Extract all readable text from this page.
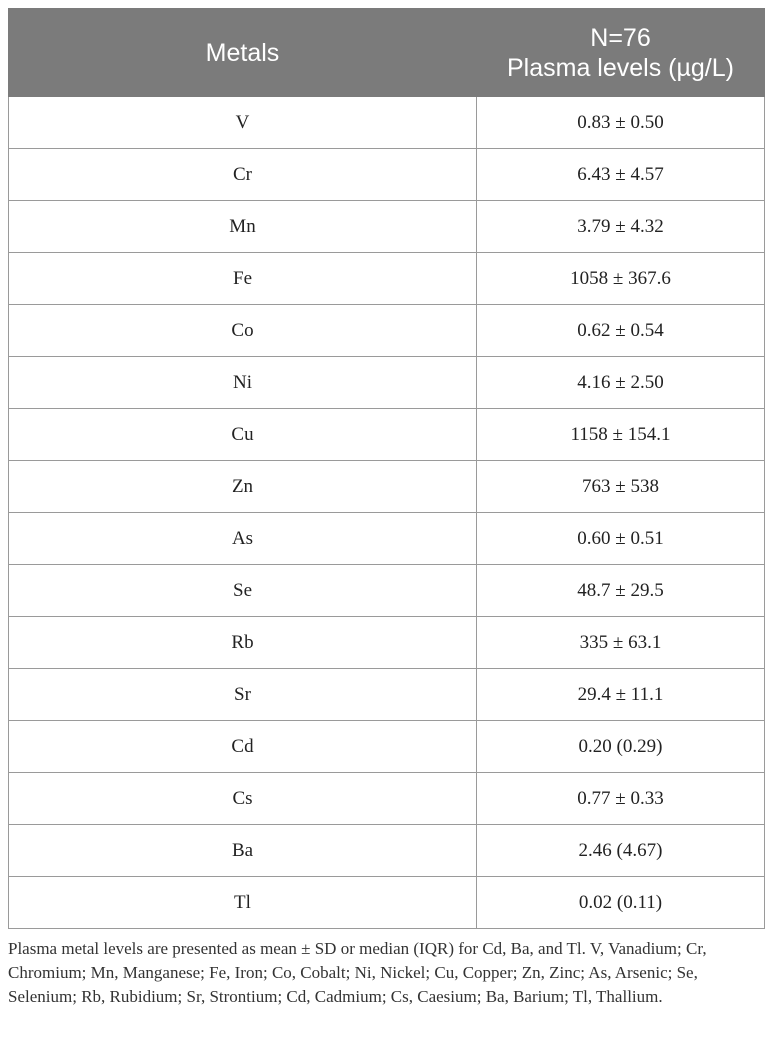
Metals	N=76
Plasma levels (µg/L)

V	0.83 ± 0.50
Cr	6.43 ± 4.57
Mn	3.79 ± 4.32
Fe	1058 ± 367.6
Co	0.62 ± 0.54
Ni	4.16 ± 2.50
Cu	1158 ± 154.1
Zn	763 ± 538
As	0.60 ± 0.51
Se	48.7 ± 29.5
Rb	335 ± 63.1
Sr	29.4 ± 11.1
Cd	0.20 (0.29)
Cs	0.77 ± 0.33
Ba	2.46 (4.67)
Tl	0.02 (0.11)

Plasma metal levels are presented as mean ± SD or median (IQR) for Cd, Ba, and Tl. V, Vanadium; Cr, Chromium; Mn, Manganese; Fe, Iron; Co, Cobalt; Ni, Nickel; Cu, Copper; Zn, Zinc; As, Arsenic; Se, Selenium; Rb, Rubidium; Sr, Strontium; Cd, Cadmium; Cs, Caesium; Ba, Barium; Tl, Thallium.
